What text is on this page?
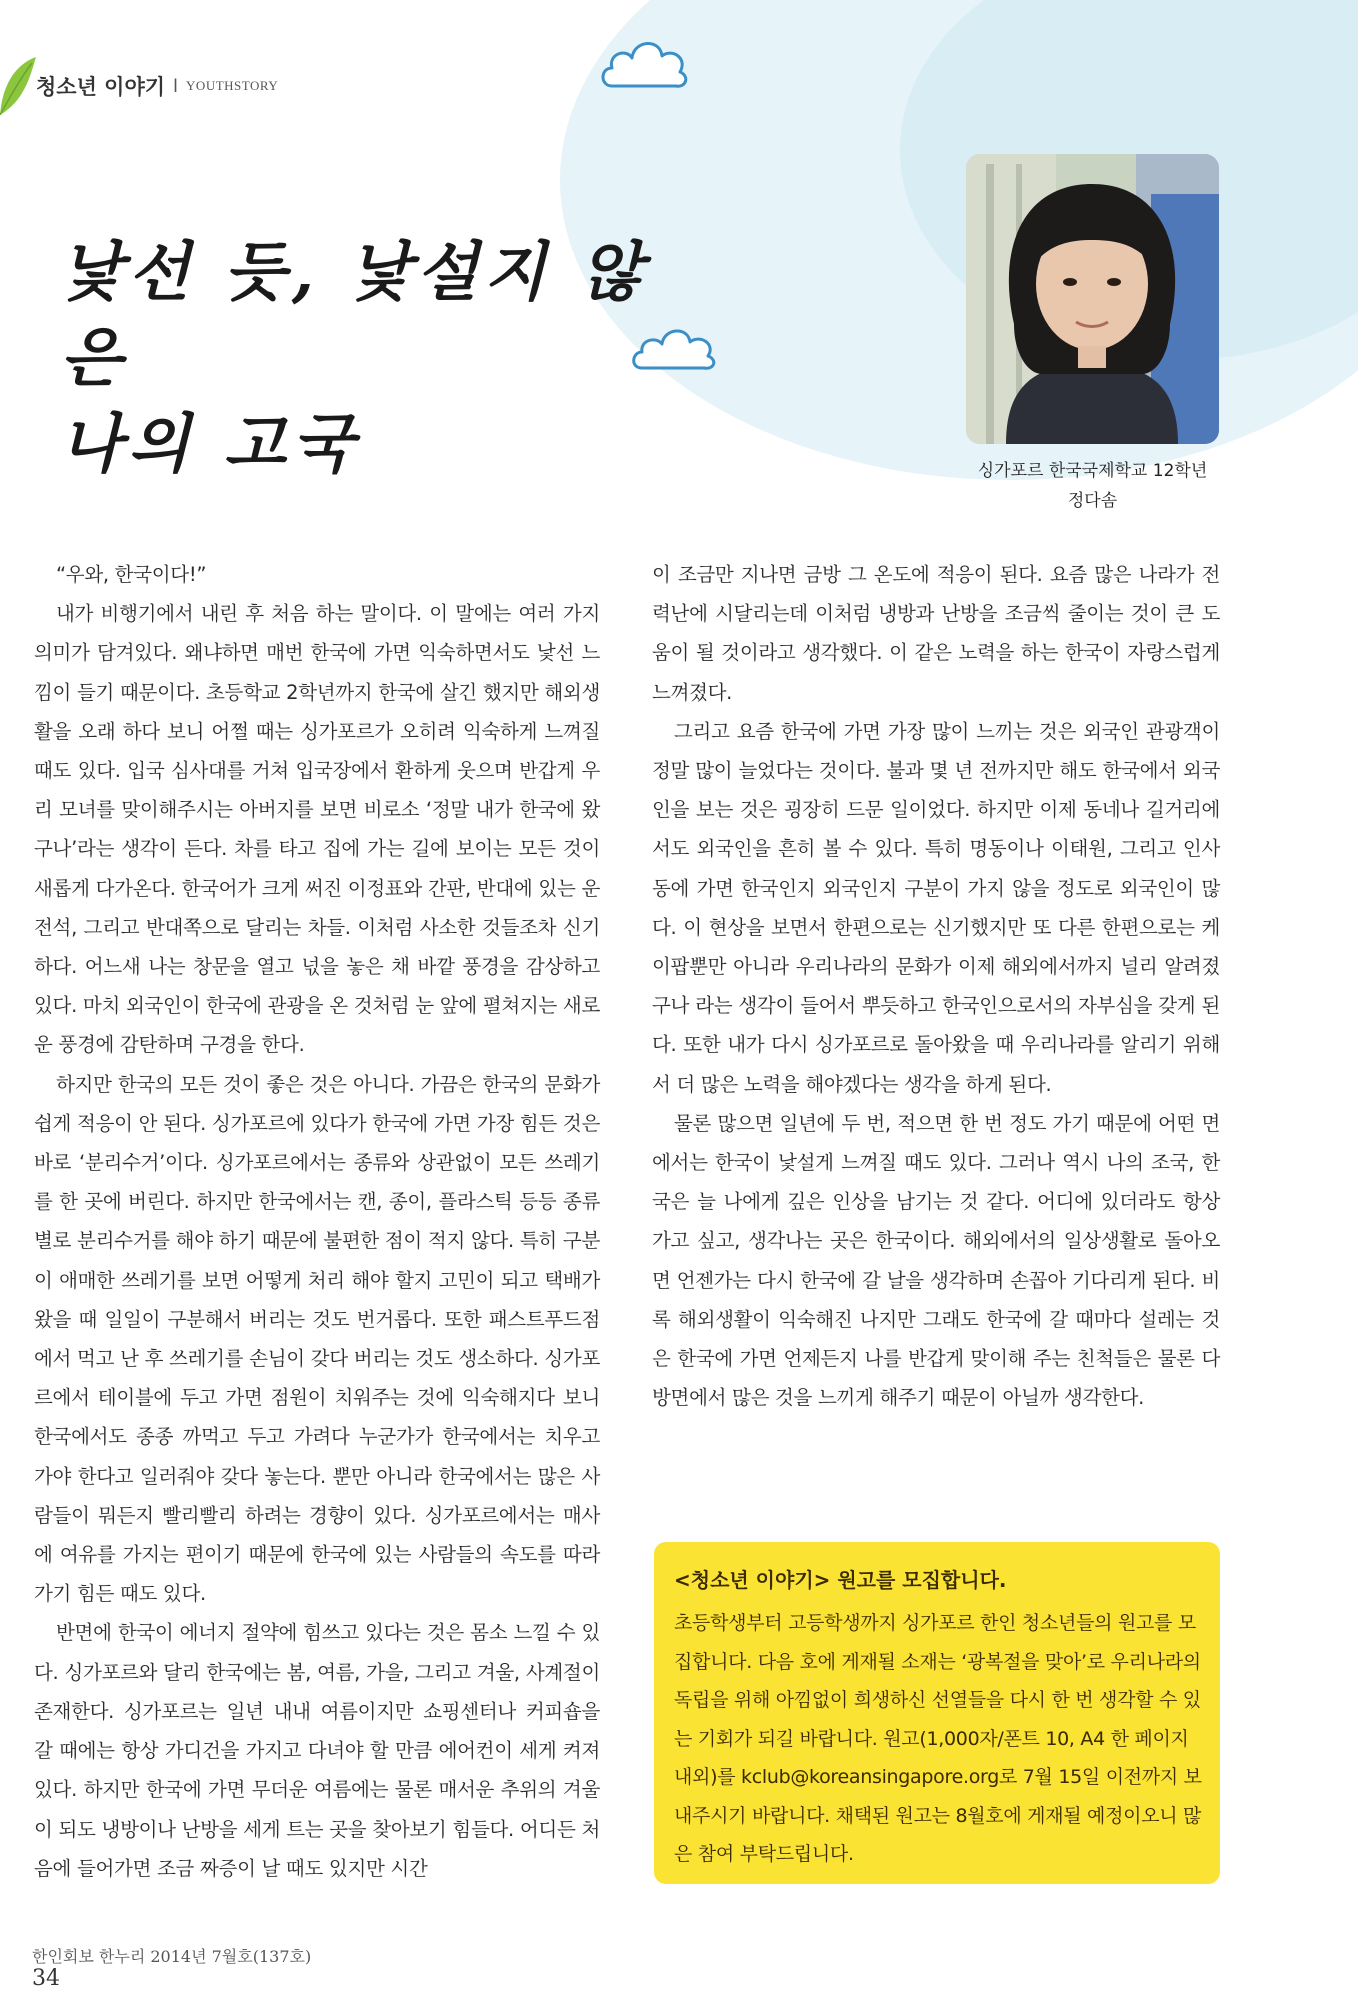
청소년 이야기 l YOUTHSTORY
낯선 듯, 낯설지 않은
나의 고국	싱가포르 한국국제학교 12학년
정다솜

“우와, 한국이다!”

내가 비행기에서 내린 후 처음 하는 말이다. 이 말에는 여러 가지 의미가 담겨있다. 왜냐하면 매번 한국에 가면 익숙하면서도 낯선 느낌이 들기 때문이다. 초등학교 2학년까지 한국에 살긴 했지만 해외생활을 오래 하다 보니 어쩔 때는 싱가포르가 오히려 익숙하게 느껴질 때도 있다. 입국 심사대를 거쳐 입국장에서 환하게 웃으며 반갑게 우리 모녀를 맞이해주시는 아버지를 보면 비로소 ‘정말 내가 한국에 왔구나’라는 생각이 든다. 차를 타고 집에 가는 길에 보이는 모든 것이 새롭게 다가온다. 한국어가 크게 써진 이정표와 간판, 반대에 있는 운전석, 그리고 반대쪽으로 달리는 차들. 이처럼 사소한 것들조차 신기하다. 어느새 나는 창문을 열고 넋을 놓은 채 바깥 풍경을 감상하고 있다. 마치 외국인이 한국에 관광을 온 것처럼 눈 앞에 펼쳐지는 새로운 풍경에 감탄하며 구경을 한다.

하지만 한국의 모든 것이 좋은 것은 아니다. 가끔은 한국의 문화가 쉽게 적응이 안 된다. 싱가포르에 있다가 한국에 가면 가장 힘든 것은 바로 ‘분리수거’이다. 싱가포르에서는 종류와 상관없이 모든 쓰레기를 한 곳에 버린다. 하지만 한국에서는 캔, 종이, 플라스틱 등등 종류별로 분리수거를 해야 하기 때문에 불편한 점이 적지 않다. 특히 구분이 애매한 쓰레기를 보면 어떻게 처리 해야 할지 고민이 되고 택배가 왔을 때 일일이 구분해서 버리는 것도 번거롭다. 또한 패스트푸드점에서 먹고 난 후 쓰레기를 손님이 갖다 버리는 것도 생소하다. 싱가포르에서 테이블에 두고 가면 점원이 치워주는 것에 익숙해지다 보니 한국에서도 종종 까먹고 두고 가려다 누군가가 한국에서는 치우고 가야 한다고 일러줘야 갖다 놓는다. 뿐만 아니라 한국에서는 많은 사람들이 뭐든지 빨리빨리 하려는 경향이 있다. 싱가포르에서는 매사에 여유를 가지는 편이기 때문에 한국에 있는 사람들의 속도를 따라가기 힘든 때도 있다.

반면에 한국이 에너지 절약에 힘쓰고 있다는 것은 몸소 느낄 수 있다. 싱가포르와 달리 한국에는 봄, 여름, 가을, 그리고 겨울, 사계절이 존재한다. 싱가포르는 일년 내내 여름이지만 쇼핑센터나 커피숍을 갈 때에는 항상 가디건을 가지고 다녀야 할 만큼 에어컨이 세게 켜져있다. 하지만 한국에 가면 무더운 여름에는 물론 매서운 추위의 겨울이 되도 냉방이나 난방을 세게 트는 곳을 찾아보기 힘들다. 어디든 처음에 들어가면 조금 짜증이 날 때도 있지만 시간

이 조금만 지나면 금방 그 온도에 적응이 된다. 요즘 많은 나라가 전력난에 시달리는데 이처럼 냉방과 난방을 조금씩 줄이는 것이 큰 도움이 될 것이라고 생각했다. 이 같은 노력을 하는 한국이 자랑스럽게 느껴졌다.

그리고 요즘 한국에 가면 가장 많이 느끼는 것은 외국인 관광객이 정말 많이 늘었다는 것이다. 불과 몇 년 전까지만 해도 한국에서 외국인을 보는 것은 굉장히 드문 일이었다. 하지만 이제 동네나 길거리에서도 외국인을 흔히 볼 수 있다. 특히 명동이나 이태원, 그리고 인사동에 가면 한국인지 외국인지 구분이 가지 않을 정도로 외국인이 많다. 이 현상을 보면서 한편으로는 신기했지만 또 다른 한편으로는 케이팝뿐만 아니라 우리나라의 문화가 이제 해외에서까지 널리 알려졌구나 라는 생각이 들어서 뿌듯하고 한국인으로서의 자부심을 갖게 된다. 또한 내가 다시 싱가포르로 돌아왔을 때 우리나라를 알리기 위해서 더 많은 노력을 해야겠다는 생각을 하게 된다.

물론 많으면 일년에 두 번, 적으면 한 번 정도 가기 때문에 어떤 면에서는 한국이 낯설게 느껴질 때도 있다. 그러나 역시 나의 조국, 한국은 늘 나에게 깊은 인상을 남기는 것 같다. 어디에 있더라도 항상 가고 싶고, 생각나는 곳은 한국이다. 해외에서의 일상생활로 돌아오면 언젠가는 다시 한국에 갈 날을 생각하며 손꼽아 기다리게 된다. 비록 해외생활이 익숙해진 나지만 그래도 한국에 갈 때마다 설레는 것은 한국에 가면 언제든지 나를 반갑게 맞이해 주는 친척들은 물론 다방면에서 많은 것을 느끼게 해주기 때문이 아닐까 생각한다.

<청소년 이야기> 원고를 모집합니다.
초등학생부터 고등학생까지 싱가포르 한인 청소년들의 원고를 모집합니다. 다음 호에 게재될 소재는 ‘광복절을 맞아’로 우리나라의 독립을 위해 아낌없이 희생하신 선열들을 다시 한 번 생각할 수 있는 기회가 되길 바랍니다. 원고(1,000자/폰트 10, A4 한 페이지 내외)를 kclub@koreansingapore.org로 7월 15일 이전까지 보내주시기 바랍니다. 채택된 원고는 8월호에 게재될 예정이오니 많은 참여 부탁드립니다.
한인회보 한누리 2014년 7월호(137호)
34
